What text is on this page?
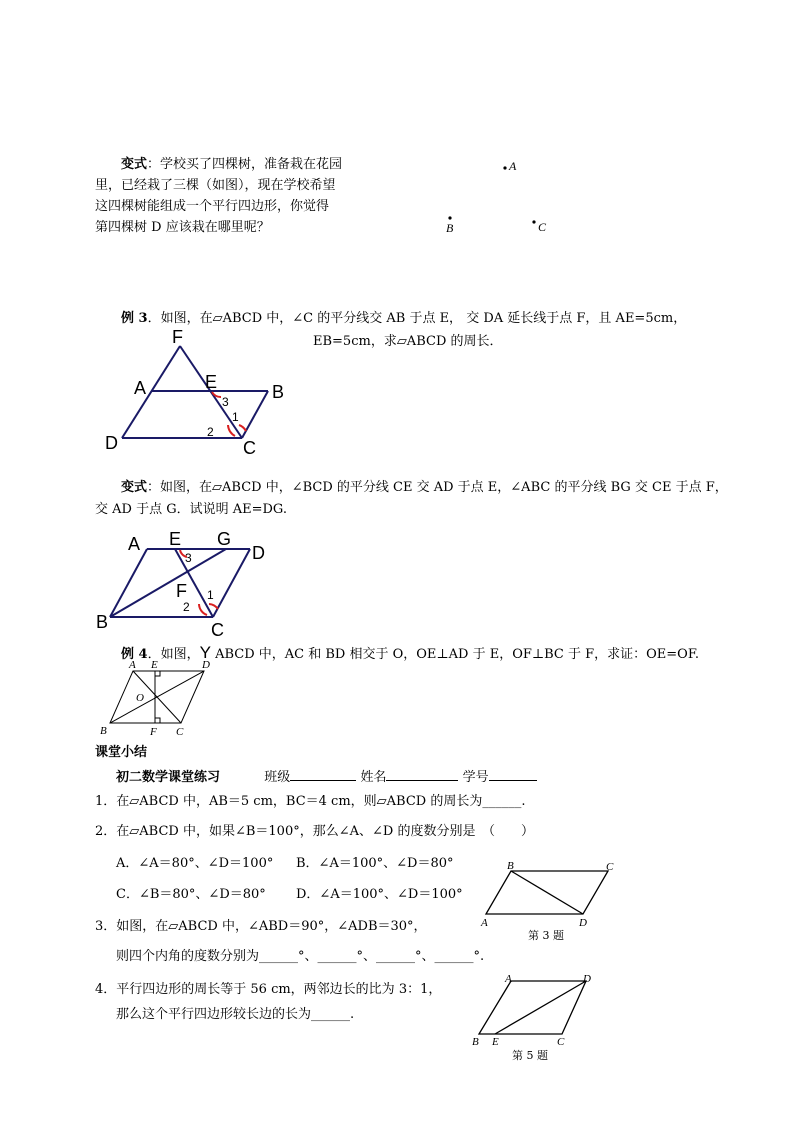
变式：学校买了四棵树，准备栽在花园
里，已经栽了三棵（如图），现在学校希望
这四棵树能组成一个平行四边形，你觉得
第四棵树 D 应该栽在哪里呢？
A
B	C
例 3．如图，在▱ABCD 中，∠C 的平分线交 AB 于点 E， 交 DA 延长线于点 F，且 AE=5cm，
EB=5cm，求▱ABCD 的周长．
F
A	E	B
D	C
1
2
3
变式：如图，在▱ABCD 中，∠BCD 的平分线 CE 交 AD 于点 E，∠ABC 的平分线 BG 交 CE 于点 F，
交 AD 于点 G．试说明 AE=DG.
A E G
D
F
B	C
1
2
3
例 4．如图，Y ABCD 中，AC 和 BD 相交于 O，OE⊥AD 于 E，OF⊥BC 于 F，求证：OE=OF.
A E	D
O
B	F C
课堂小结
初二数学课堂练习	班级	姓名	学号
1．在▱ABCD 中，AB＝5 cm，BC＝4 cm，则▱ABCD 的周长为______.
2．在▱ABCD 中，如果∠B＝100°，那么∠A、∠D 的度数分别是　（　　）
A．∠A＝80°、∠D＝100° B．∠A＝100°、∠D＝80°
C．∠B＝80°、∠D＝80° D．∠A＝100°、∠D＝100°
3．如图，在▱ABCD 中，∠ABD＝90°，∠ADB＝30°，
则四个内角的度数分别为______°、______°、______°、______°.
4．平行四边形的周长等于 56 cm，两邻边长的比为 3：1，
那么这个平行四边形较长边的长为______.
B	C
A	D
第 3 题
A	D
B E	C
第 5 题
